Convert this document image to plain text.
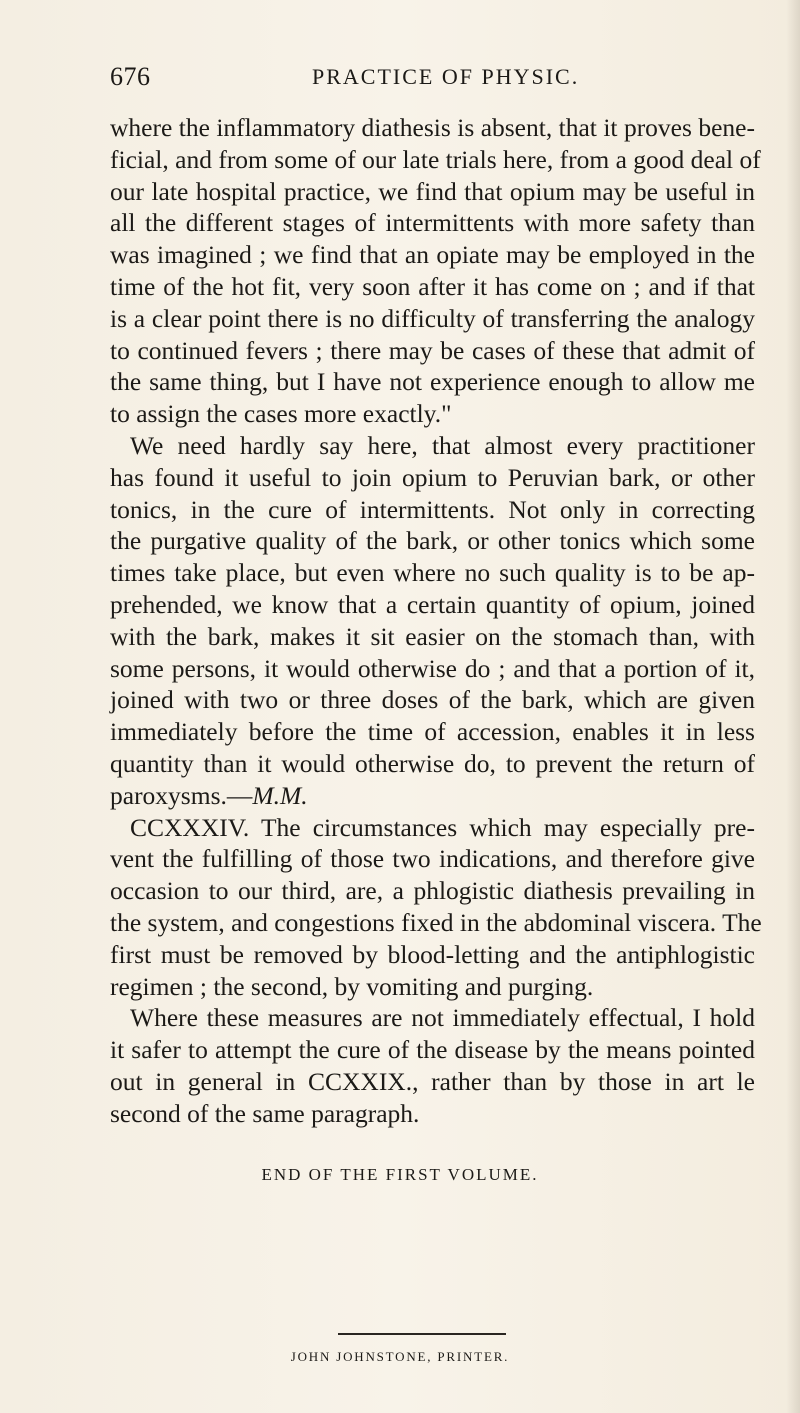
676	PRACTICE OF PHYSIC.
where the inflammatory diathesis is absent, that it proves bene-
ficial, and from some of our late trials here, from a good deal of
our late hospital practice, we find that opium may be useful in
all the different stages of intermittents with more safety than
was imagined ; we find that an opiate may be employed in the
time of the hot fit, very soon after it has come on ; and if that
is a clear point there is no difficulty of transferring the analogy
to continued fevers ; there may be cases of these that admit of
the same thing, but I have not experience enough to allow me
to assign the cases more exactly."
We need hardly say here, that almost every practitioner
has found it useful to join opium to Peruvian bark, or other
tonics, in the cure of intermittents. Not only in correcting
the purgative quality of the bark, or other tonics which some
times take place, but even where no such quality is to be ap-
prehended, we know that a certain quantity of opium, joined
with the bark, makes it sit easier on the stomach than, with
some persons, it would otherwise do ; and that a portion of it,
joined with two or three doses of the bark, which are given
immediately before the time of accession, enables it in less
quantity than it would otherwise do, to prevent the return of
paroxysms.—M.M.
CCXXXIV. The circumstances which may especially pre-
vent the fulfilling of those two indications, and therefore give
occasion to our third, are, a phlogistic diathesis prevailing in
the system, and congestions fixed in the abdominal viscera. The
first must be removed by blood-letting and the antiphlogistic
regimen ; the second, by vomiting and purging.
Where these measures are not immediately effectual, I hold
it safer to attempt the cure of the disease by the means pointed
out in general in CCXXIX., rather than by those in art le
second of the same paragraph.
END OF THE FIRST VOLUME.
JOHN JOHNSTONE, PRINTER.
